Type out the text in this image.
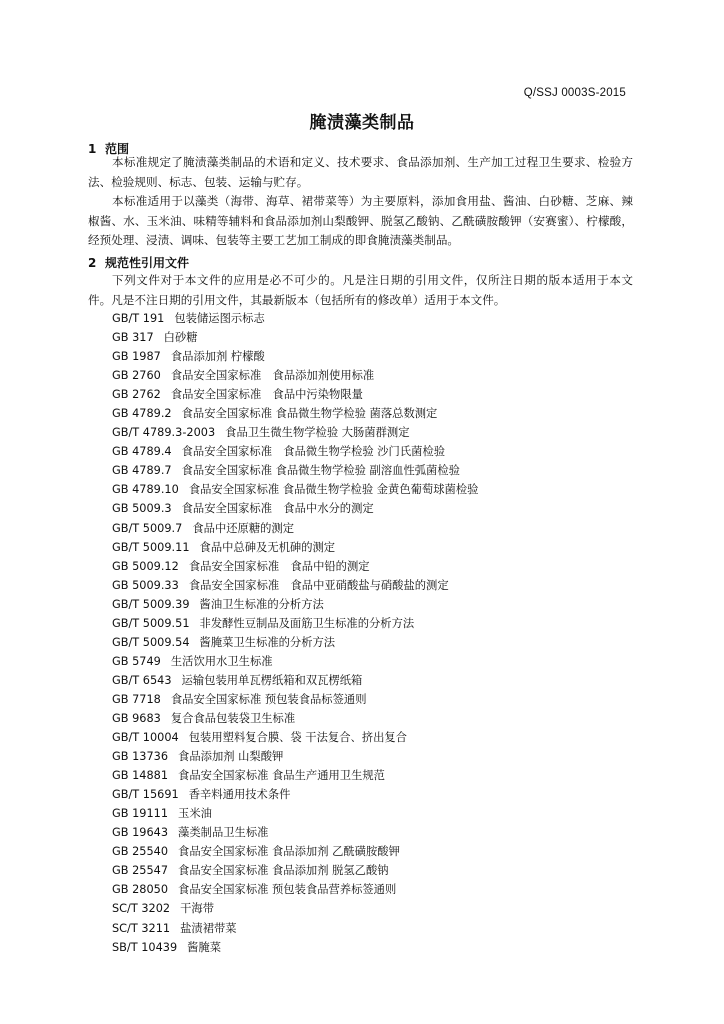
Q/SSJ 0003S-2015
腌渍藻类制品
1 范围
本标准规定了腌渍藻类制品的术语和定义、技术要求、食品添加剂、生产加工过程卫生要求、检验方法、检验规则、标志、包装、运输与贮存。
本标准适用于以藻类（海带、海草、裙带菜等）为主要原料，添加食用盐、酱油、白砂糖、芝麻、辣椒酱、水、玉米油、味精等辅料和食品添加剂山梨酸钾、脱氢乙酸钠、乙酰磺胺酸钾（安赛蜜）、柠檬酸，经预处理、浸渍、调味、包装等主要工艺加工制成的即食腌渍藻类制品。
2 规范性引用文件
下列文件对于本文件的应用是必不可少的。凡是注日期的引用文件，仅所注日期的版本适用于本文件。凡是不注日期的引用文件，其最新版本（包括所有的修改单）适用于本文件。
GB/T 191 包装储运图示标志
GB 317 白砂糖
GB 1987 食品添加剂 柠檬酸
GB 2760 食品安全国家标准　食品添加剂使用标准
GB 2762 食品安全国家标准　食品中污染物限量
GB 4789.2 食品安全国家标准 食品微生物学检验 菌落总数测定
GB/T 4789.3-2003 食品卫生微生物学检验 大肠菌群测定
GB 4789.4 食品安全国家标准　食品微生物学检验 沙门氏菌检验
GB 4789.7 食品安全国家标准 食品微生物学检验 副溶血性弧菌检验
GB 4789.10 食品安全国家标准 食品微生物学检验 金黄色葡萄球菌检验
GB 5009.3 食品安全国家标准　食品中水分的测定
GB/T 5009.7 食品中还原糖的测定
GB/T 5009.11 食品中总砷及无机砷的测定
GB 5009.12 食品安全国家标准　食品中铅的测定
GB 5009.33 食品安全国家标准　食品中亚硝酸盐与硝酸盐的测定
GB/T 5009.39 酱油卫生标准的分析方法
GB/T 5009.51 非发酵性豆制品及面筋卫生标准的分析方法
GB/T 5009.54 酱腌菜卫生标准的分析方法
GB 5749 生活饮用水卫生标准
GB/T 6543 运输包装用单瓦楞纸箱和双瓦楞纸箱
GB 7718 食品安全国家标准 预包装食品标签通则
GB 9683 复合食品包装袋卫生标准
GB/T 10004 包装用塑料复合膜、袋 干法复合、挤出复合
GB 13736 食品添加剂 山梨酸钾
GB 14881 食品安全国家标准 食品生产通用卫生规范
GB/T 15691 香辛料通用技术条件
GB 19111 玉米油
GB 19643 藻类制品卫生标准
GB 25540 食品安全国家标准 食品添加剂 乙酰磺胺酸钾
GB 25547 食品安全国家标准 食品添加剂 脱氢乙酸钠
GB 28050 食品安全国家标准 预包装食品营养标签通则
SC/T 3202 干海带
SC/T 3211 盐渍裙带菜
SB/T 10439 酱腌菜
